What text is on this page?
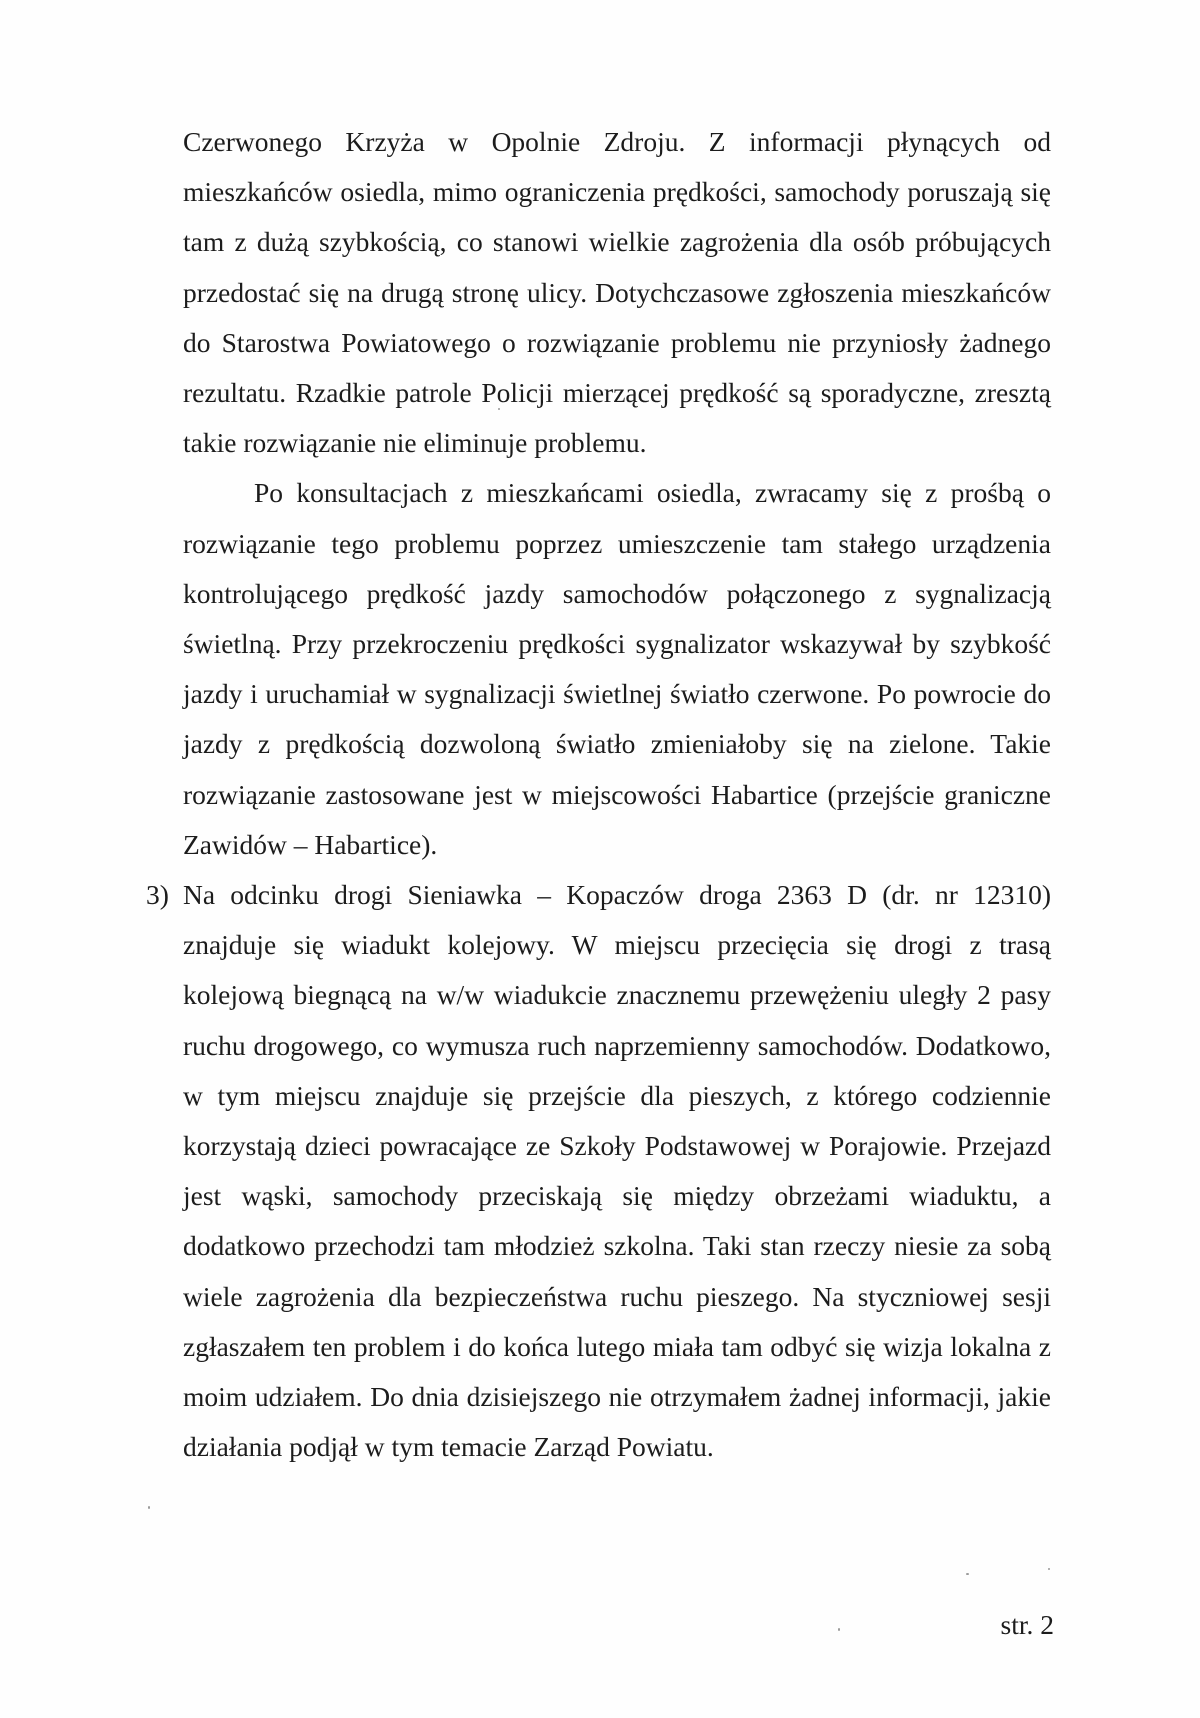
Czerwonego Krzyża w Opolnie Zdroju. Z informacji płynących od mieszkańców osiedla, mimo ograniczenia prędkości, samochody poruszają się tam z dużą szybkością, co stanowi wielkie zagrożenia dla osób próbujących przedostać się na drugą stronę ulicy. Dotychczasowe zgłoszenia mieszkańców do Starostwa Powiatowego o rozwiązanie problemu nie przyniosły żadnego rezultatu. Rzadkie patrole Policji mierzącej prędkość są sporadyczne, zresztą takie rozwiązanie nie eliminuje problemu.

Po konsultacjach z mieszkańcami osiedla, zwracamy się z prośbą o rozwiązanie tego problemu poprzez umieszczenie tam stałego urządzenia kontrolującego prędkość jazdy samochodów połączonego z sygnalizacją świetlną. Przy przekroczeniu prędkości sygnalizator wskazywał by szybkość jazdy i uruchamiał w sygnalizacji świetlnej światło czerwone. Po powrocie do jazdy z prędkością dozwoloną światło zmieniałoby się na zielone. Takie rozwiązanie zastosowane jest w miejscowości Habartice (przejście graniczne Zawidów – Habartice).

3) Na odcinku drogi Sieniawka – Kopaczów droga 2363 D (dr. nr 12310) znajduje się wiadukt kolejowy. W miejscu przecięcia się drogi z trasą kolejową biegnącą na w/w wiadukcie znacznemu przewężeniu uległy 2 pasy ruchu drogowego, co wymusza ruch naprzemienny samochodów. Dodatkowo, w tym miejscu znajduje się przejście dla pieszych, z którego codziennie korzystają dzieci powracające ze Szkoły Podstawowej w Porajowie. Przejazd jest wąski, samochody przeciskają się między obrzeżami wiaduktu, a dodatkowo przechodzi tam młodzież szkolna. Taki stan rzeczy niesie za sobą wiele zagrożenia dla bezpieczeństwa ruchu pieszego. Na styczniowej sesji zgłaszałem ten problem i do końca lutego miała tam odbyć się wizja lokalna z moim udziałem. Do dnia dzisiejszego nie otrzymałem żadnej informacji, jakie działania podjął w tym temacie Zarząd Powiatu.
str. 2
